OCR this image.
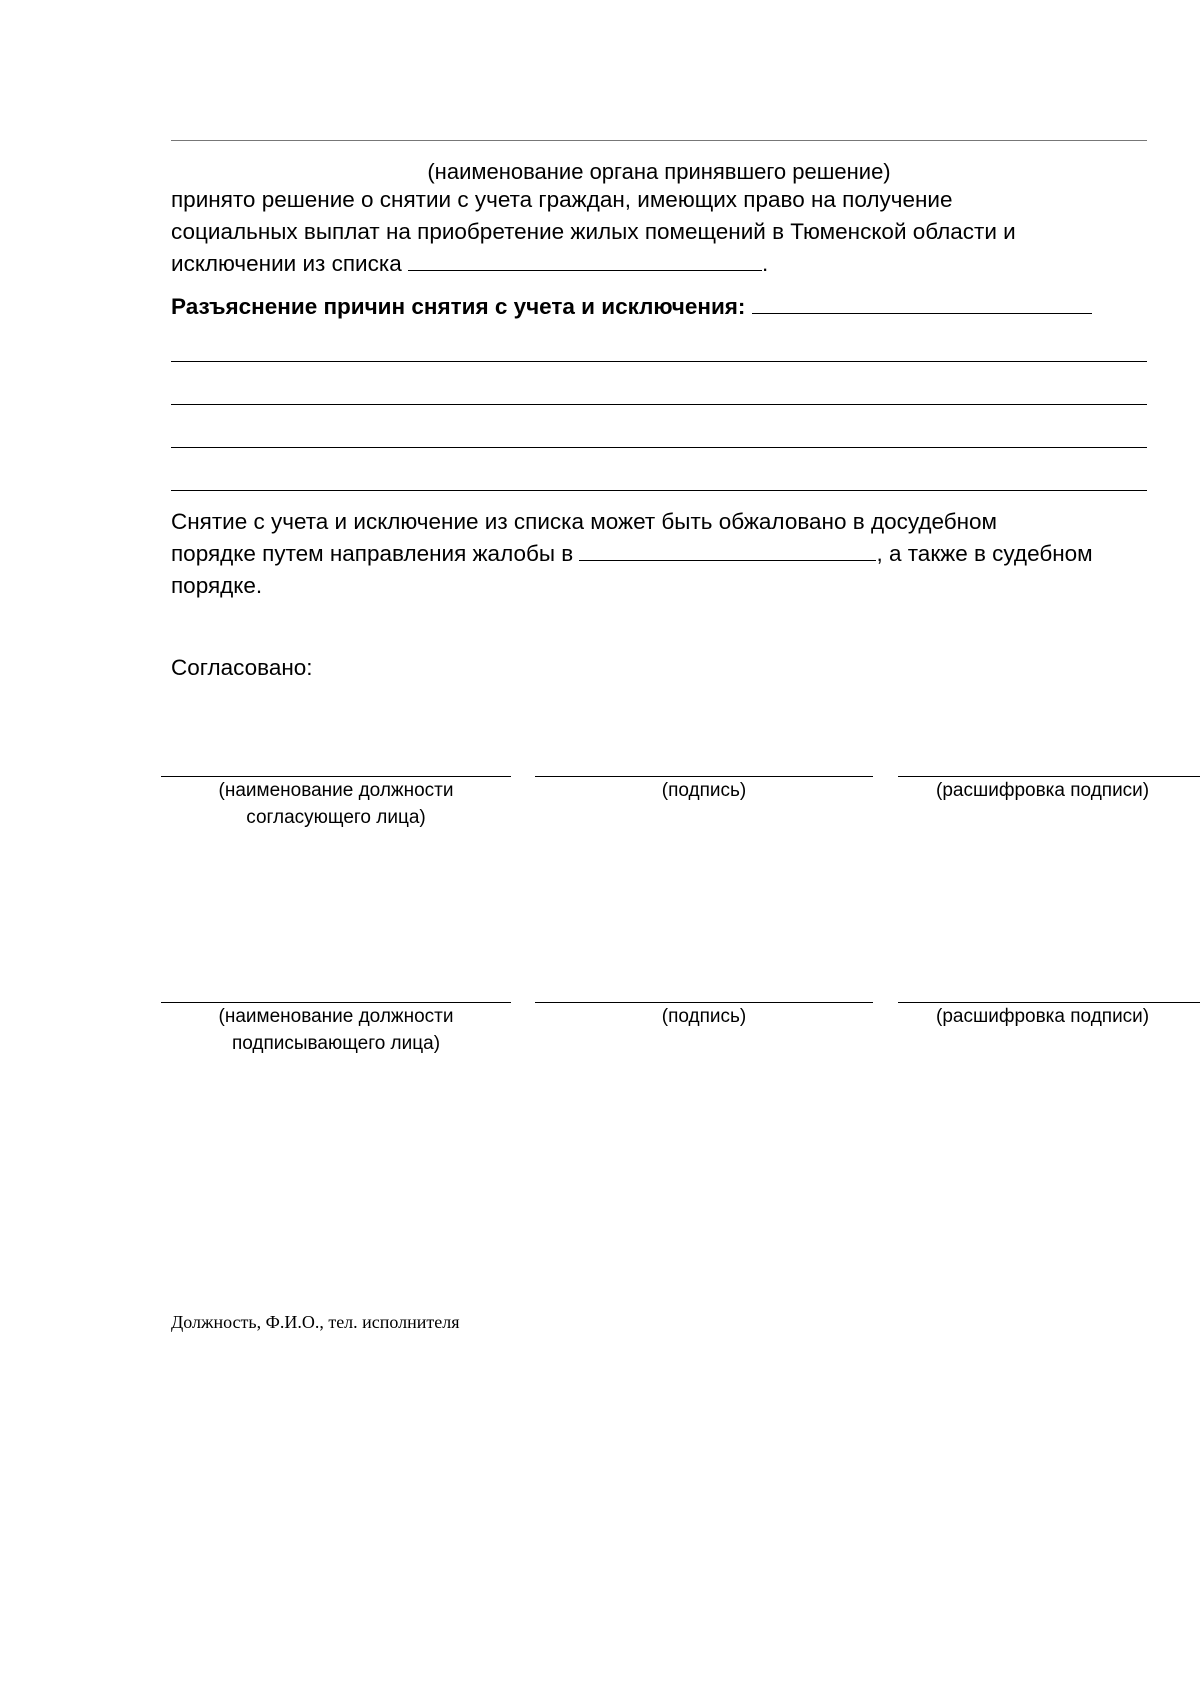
(наименование органа принявшего решение)
принято решение о снятии с учета граждан, имеющих право на получение
социальных выплат на приобретение жилых помещений в Тюменской области и
исключении из списка	.
Разъяснение причин снятия с учета и исключения:
Снятие с учета и исключение из списка может быть обжаловано в досудебном
порядке путем направления жалобы в	, а также в судебном
порядке.
Согласовано:
(наименование должности
согласующего лица)
(подпись)	(расшифровка подписи)
(наименование должности
подписывающего лица)
(подпись)	(расшифровка подписи)
Должность, Ф.И.О., тел. исполнителя
